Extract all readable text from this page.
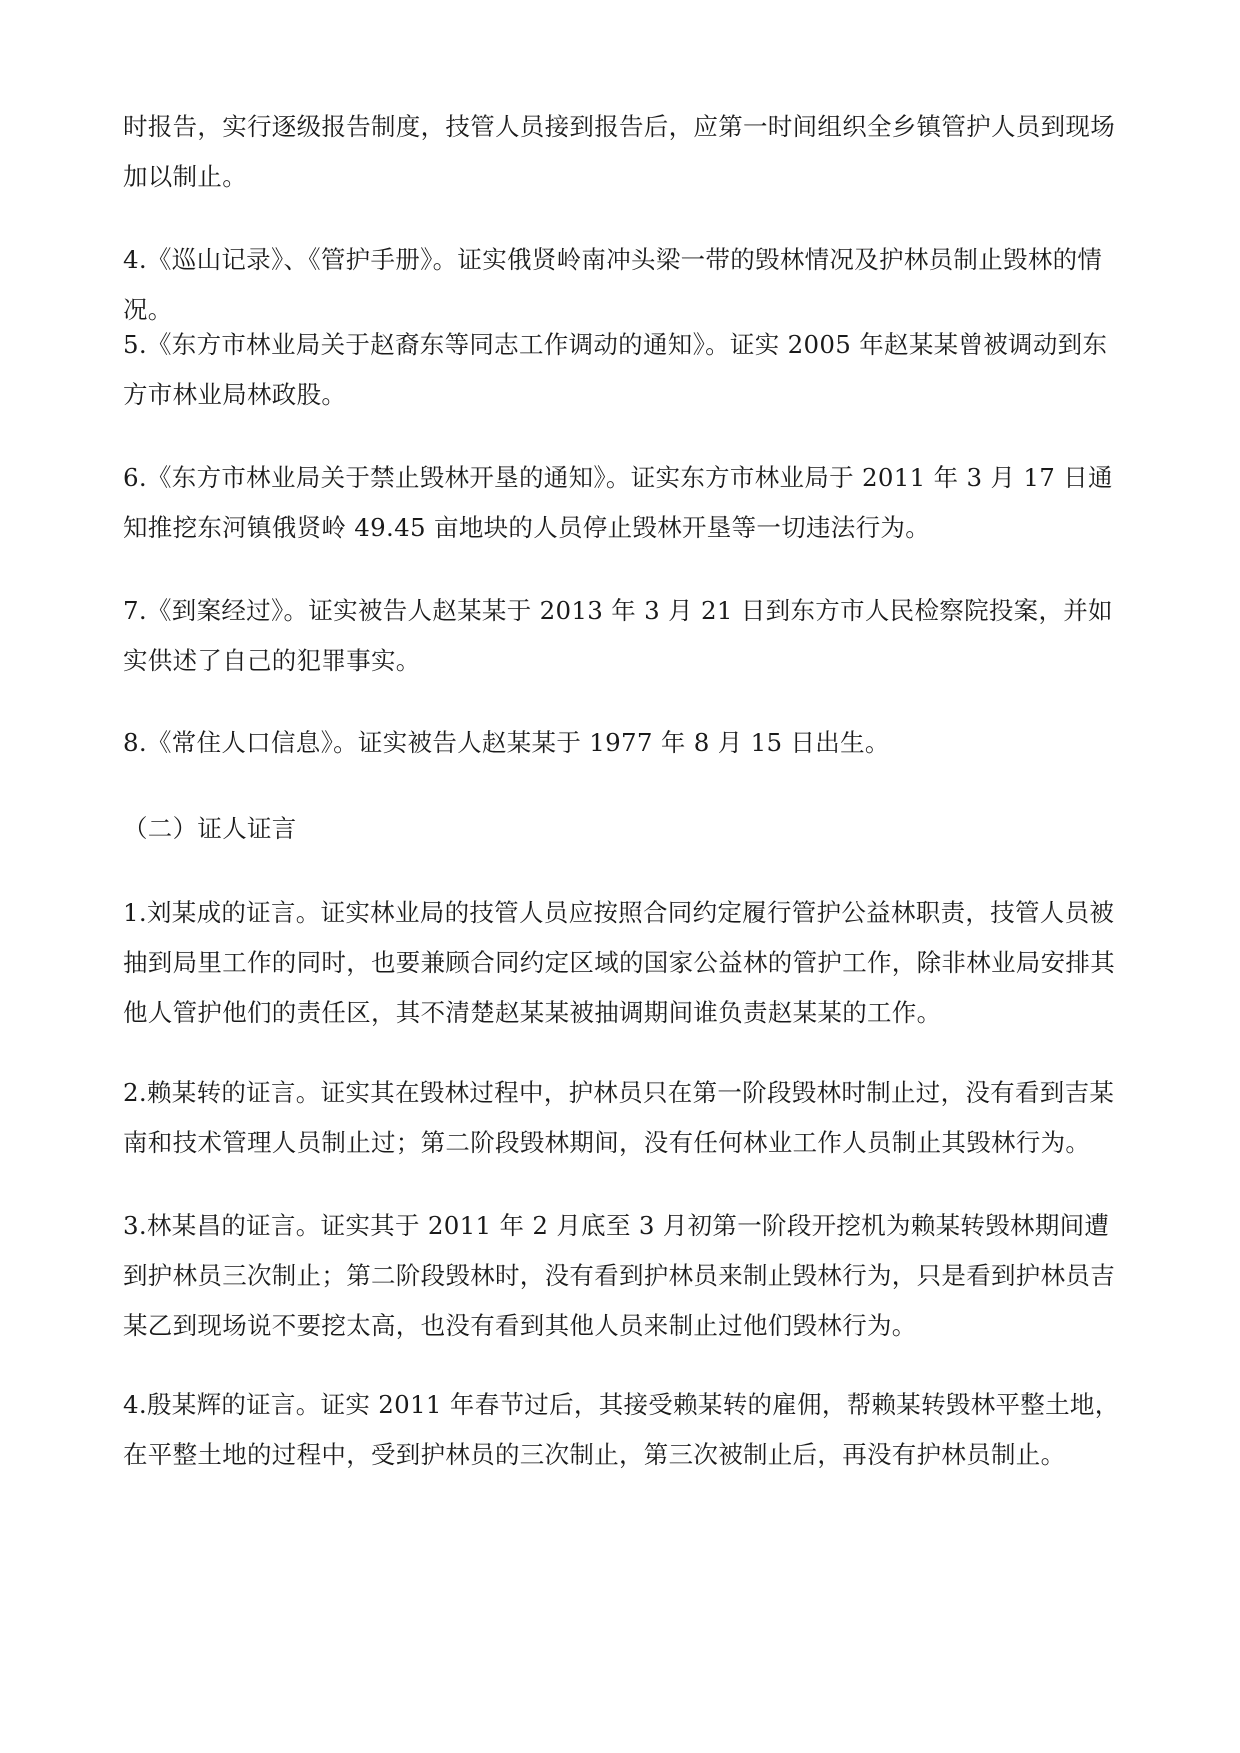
时报告，实行逐级报告制度，技管人员接到报告后，应第一时间组织全乡镇管护人员到现场加以制止。

4.《巡山记录》、《管护手册》。证实俄贤岭南冲头梁一带的毁林情况及护林员制止毁林的情况。

5.《东方市林业局关于赵裔东等同志工作调动的通知》。证实 2005 年赵某某曾被调动到东方市林业局林政股。

6.《东方市林业局关于禁止毁林开垦的通知》。证实东方市林业局于 2011 年 3 月 17 日通知推挖东河镇俄贤岭 49.45 亩地块的人员停止毁林开垦等一切违法行为。

7.《到案经过》。证实被告人赵某某于 2013 年 3 月 21 日到东方市人民检察院投案，并如实供述了自己的犯罪事实。

8.《常住人口信息》。证实被告人赵某某于 1977 年 8 月 15 日出生。

（二）证人证言

1.刘某成的证言。证实林业局的技管人员应按照合同约定履行管护公益林职责，技管人员被抽到局里工作的同时，也要兼顾合同约定区域的国家公益林的管护工作，除非林业局安排其他人管护他们的责任区，其不清楚赵某某被抽调期间谁负责赵某某的工作。

2.赖某转的证言。证实其在毁林过程中，护林员只在第一阶段毁林时制止过，没有看到吉某南和技术管理人员制止过；第二阶段毁林期间，没有任何林业工作人员制止其毁林行为。

3.林某昌的证言。证实其于 2011 年 2 月底至 3 月初第一阶段开挖机为赖某转毁林期间遭到护林员三次制止；第二阶段毁林时，没有看到护林员来制止毁林行为，只是看到护林员吉某乙到现场说不要挖太高，也没有看到其他人员来制止过他们毁林行为。

4.殷某辉的证言。证实 2011 年春节过后，其接受赖某转的雇佣，帮赖某转毁林平整土地，在平整土地的过程中，受到护林员的三次制止，第三次被制止后，再没有护林员制止。
